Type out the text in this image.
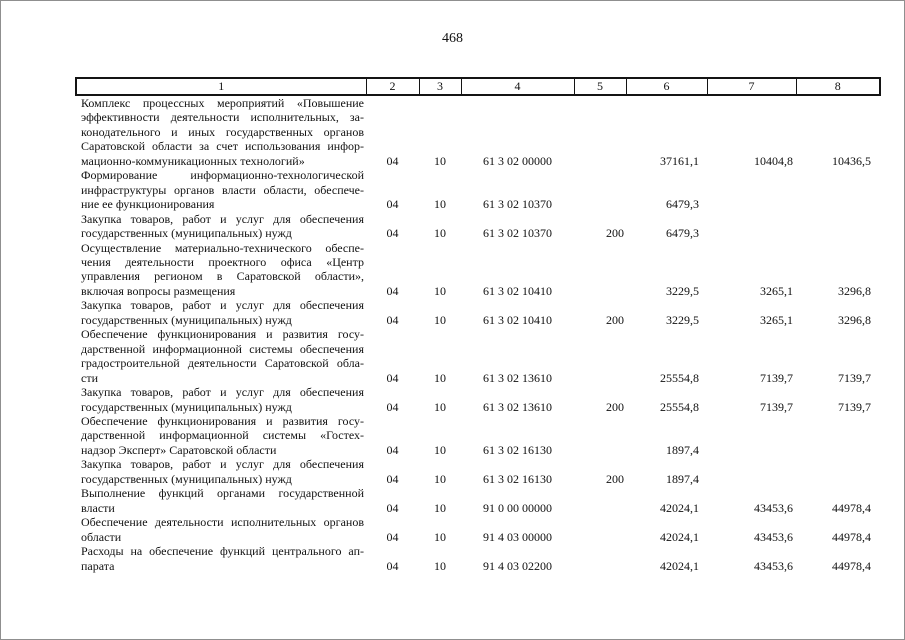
468
1	2	3	4	5	6	7	8

Комплекс процессных мероприятий «Повышение
эффективности деятельности исполнительных, за-
конодательного и иных государственных органов
Саратовской области за счет использования инфор-
мационно-коммуникационных технологий»	04	10	61 3 02 00000		37161,1	10404,8	10436,5

Формирование информационно-технологической
инфраструктуры органов власти области, обеспече-
ние ее функционирования	04	10	61 3 02 10370		6479,3		

Закупка товаров, работ и услуг для обеспечения
государственных (муниципальных) нужд	04	10	61 3 02 10370	200	6479,3		

Осуществление материально-технического обеспе-
чения деятельности проектного офиса «Центр
управления регионом в Саратовской области»,
включая вопросы размещения	04	10	61 3 02 10410		3229,5	3265,1	3296,8

Закупка товаров, работ и услуг для обеспечения
государственных (муниципальных) нужд	04	10	61 3 02 10410	200	3229,5	3265,1	3296,8

Обеспечение функционирования и развития госу-
дарственной информационной системы обеспечения
градостроительной деятельности Саратовской обла-
сти	04	10	61 3 02 13610		25554,8	7139,7	7139,7

Закупка товаров, работ и услуг для обеспечения
государственных (муниципальных) нужд	04	10	61 3 02 13610	200	25554,8	7139,7	7139,7

Обеспечение функционирования и развития госу-
дарственной информационной системы «Гостех-
надзор Эксперт» Саратовской области	04	10	61 3 02 16130		1897,4		

Закупка товаров, работ и услуг для обеспечения
государственных (муниципальных) нужд	04	10	61 3 02 16130	200	1897,4		

Выполнение функций органами государственной
власти	04	10	91 0 00 00000		42024,1	43453,6	44978,4

Обеспечение деятельности исполнительных органов
области	04	10	91 4 03 00000		42024,1	43453,6	44978,4

Расходы на обеспечение функций центрального ап-
парата	04	10	91 4 03 02200		42024,1	43453,6	44978,4
